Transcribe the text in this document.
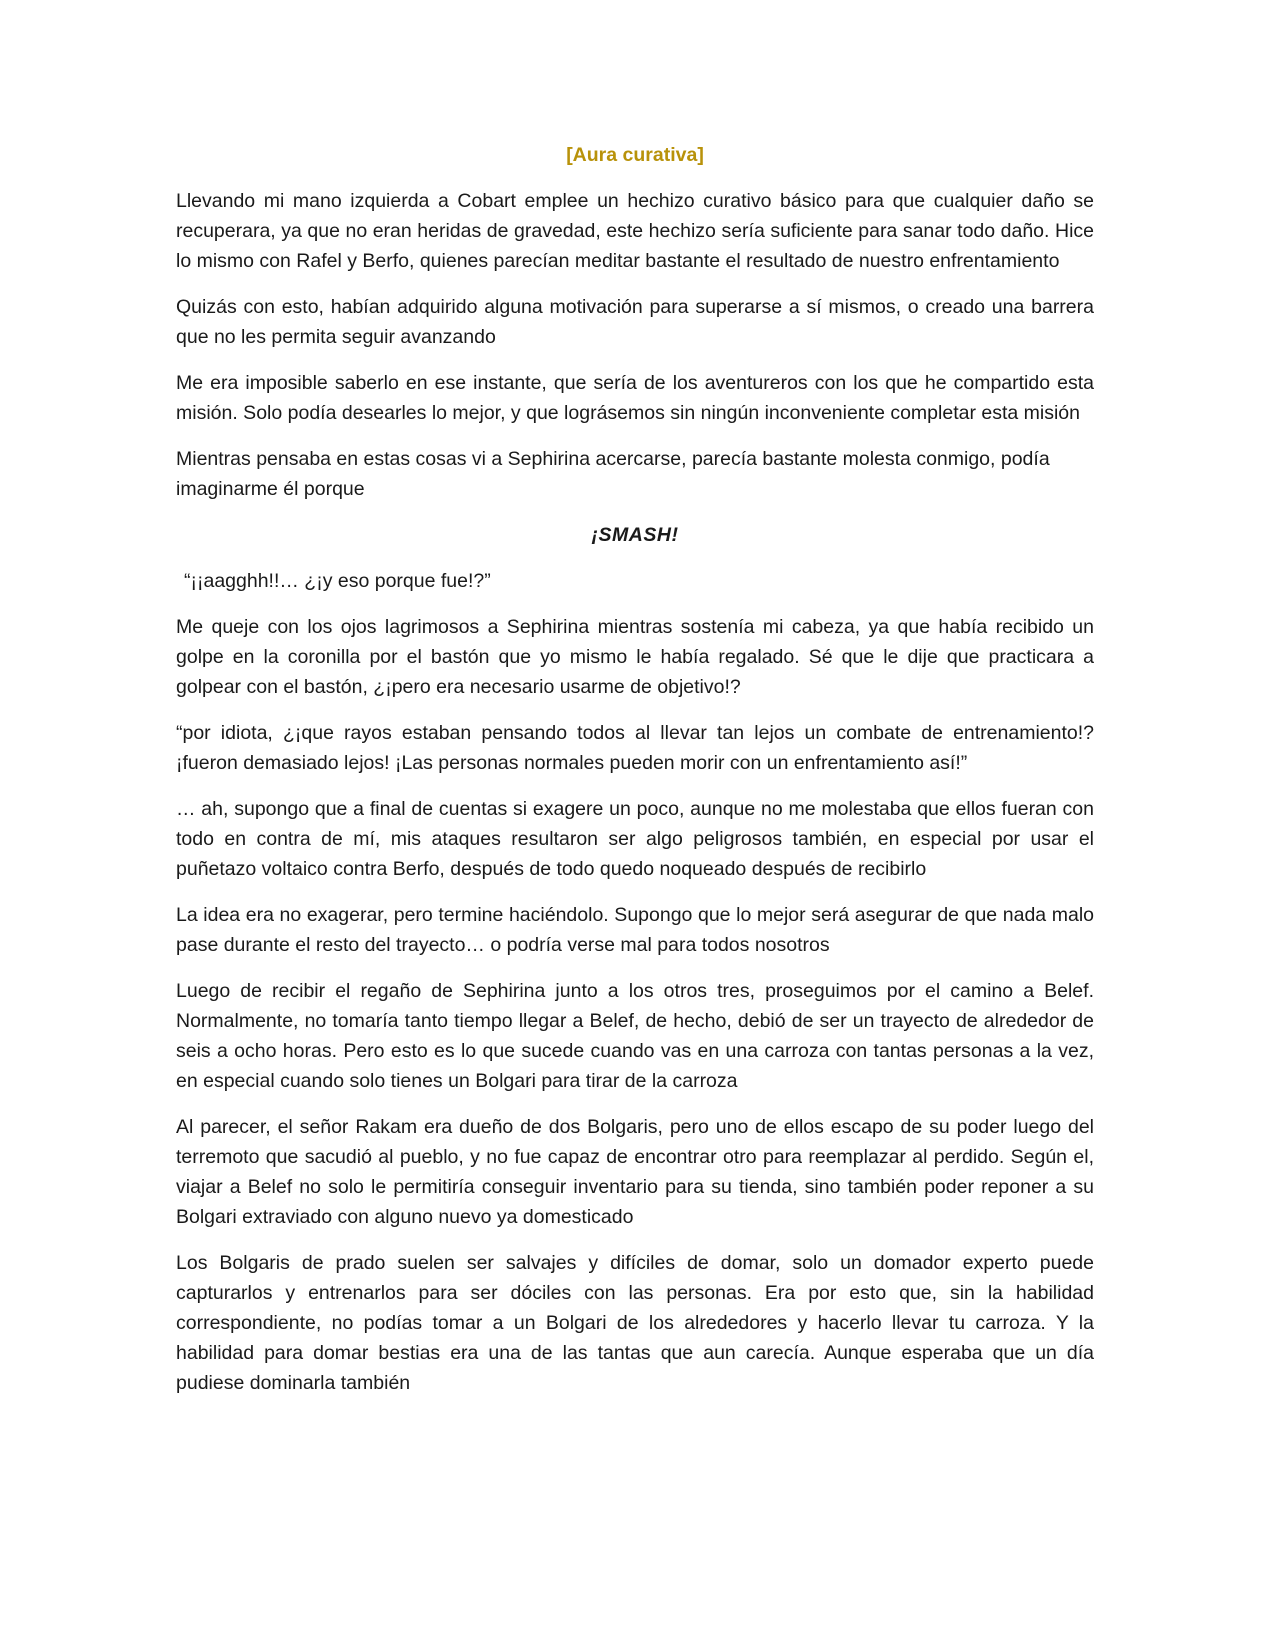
[Aura curativa]

Llevando mi mano izquierda a Cobart emplee un hechizo curativo básico para que cualquier daño se recuperara, ya que no eran heridas de gravedad, este hechizo sería suficiente para sanar todo daño. Hice lo mismo con Rafel y Berfo, quienes parecían meditar bastante el resultado de nuestro enfrentamiento

Quizás con esto, habían adquirido alguna motivación para superarse a sí mismos, o creado una barrera que no les permita seguir avanzando

Me era imposible saberlo en ese instante, que sería de los aventureros con los que he compartido esta misión. Solo podía desearles lo mejor, y que lográsemos sin ningún inconveniente completar esta misión

Mientras pensaba en estas cosas vi a Sephirina acercarse, parecía bastante molesta conmigo, podía imaginarme él porque

¡SMASH!

“¡¡aagghh!!… ¿¡y eso porque fue!?”

Me queje con los ojos lagrimosos a Sephirina mientras sostenía mi cabeza, ya que había recibido un golpe en la coronilla por el bastón que yo mismo le había regalado. Sé que le dije que practicara a golpear con el bastón, ¿¡pero era necesario usarme de objetivo!?

“por idiota, ¿¡que rayos estaban pensando todos al llevar tan lejos un combate de entrenamiento!? ¡fueron demasiado lejos! ¡Las personas normales pueden morir con un enfrentamiento así!”

… ah, supongo que a final de cuentas si exagere un poco, aunque no me molestaba que ellos fueran con todo en contra de mí, mis ataques resultaron ser algo peligrosos también, en especial por usar el puñetazo voltaico contra Berfo, después de todo quedo noqueado después de recibirlo

La idea era no exagerar, pero termine haciéndolo. Supongo que lo mejor será asegurar de que nada malo pase durante el resto del trayecto… o podría verse mal para todos nosotros

Luego de recibir el regaño de Sephirina junto a los otros tres, proseguimos por el camino a Belef. Normalmente, no tomaría tanto tiempo llegar a Belef, de hecho, debió de ser un trayecto de alrededor de seis a ocho horas. Pero esto es lo que sucede cuando vas en una carroza con tantas personas a la vez, en especial cuando solo tienes un Bolgari para tirar de la carroza

Al parecer, el señor Rakam era dueño de dos Bolgaris, pero uno de ellos escapo de su poder luego del terremoto que sacudió al pueblo, y no fue capaz de encontrar otro para reemplazar al perdido. Según el, viajar a Belef no solo le permitiría conseguir inventario para su tienda, sino también poder reponer a su Bolgari extraviado con alguno nuevo ya domesticado

Los Bolgaris de prado suelen ser salvajes y difíciles de domar, solo un domador experto puede capturarlos y entrenarlos para ser dóciles con las personas. Era por esto que, sin la habilidad correspondiente, no podías tomar a un Bolgari de los alrededores y hacerlo llevar tu carroza. Y la habilidad para domar bestias era una de las tantas que aun carecía. Aunque esperaba que un día pudiese dominarla también
